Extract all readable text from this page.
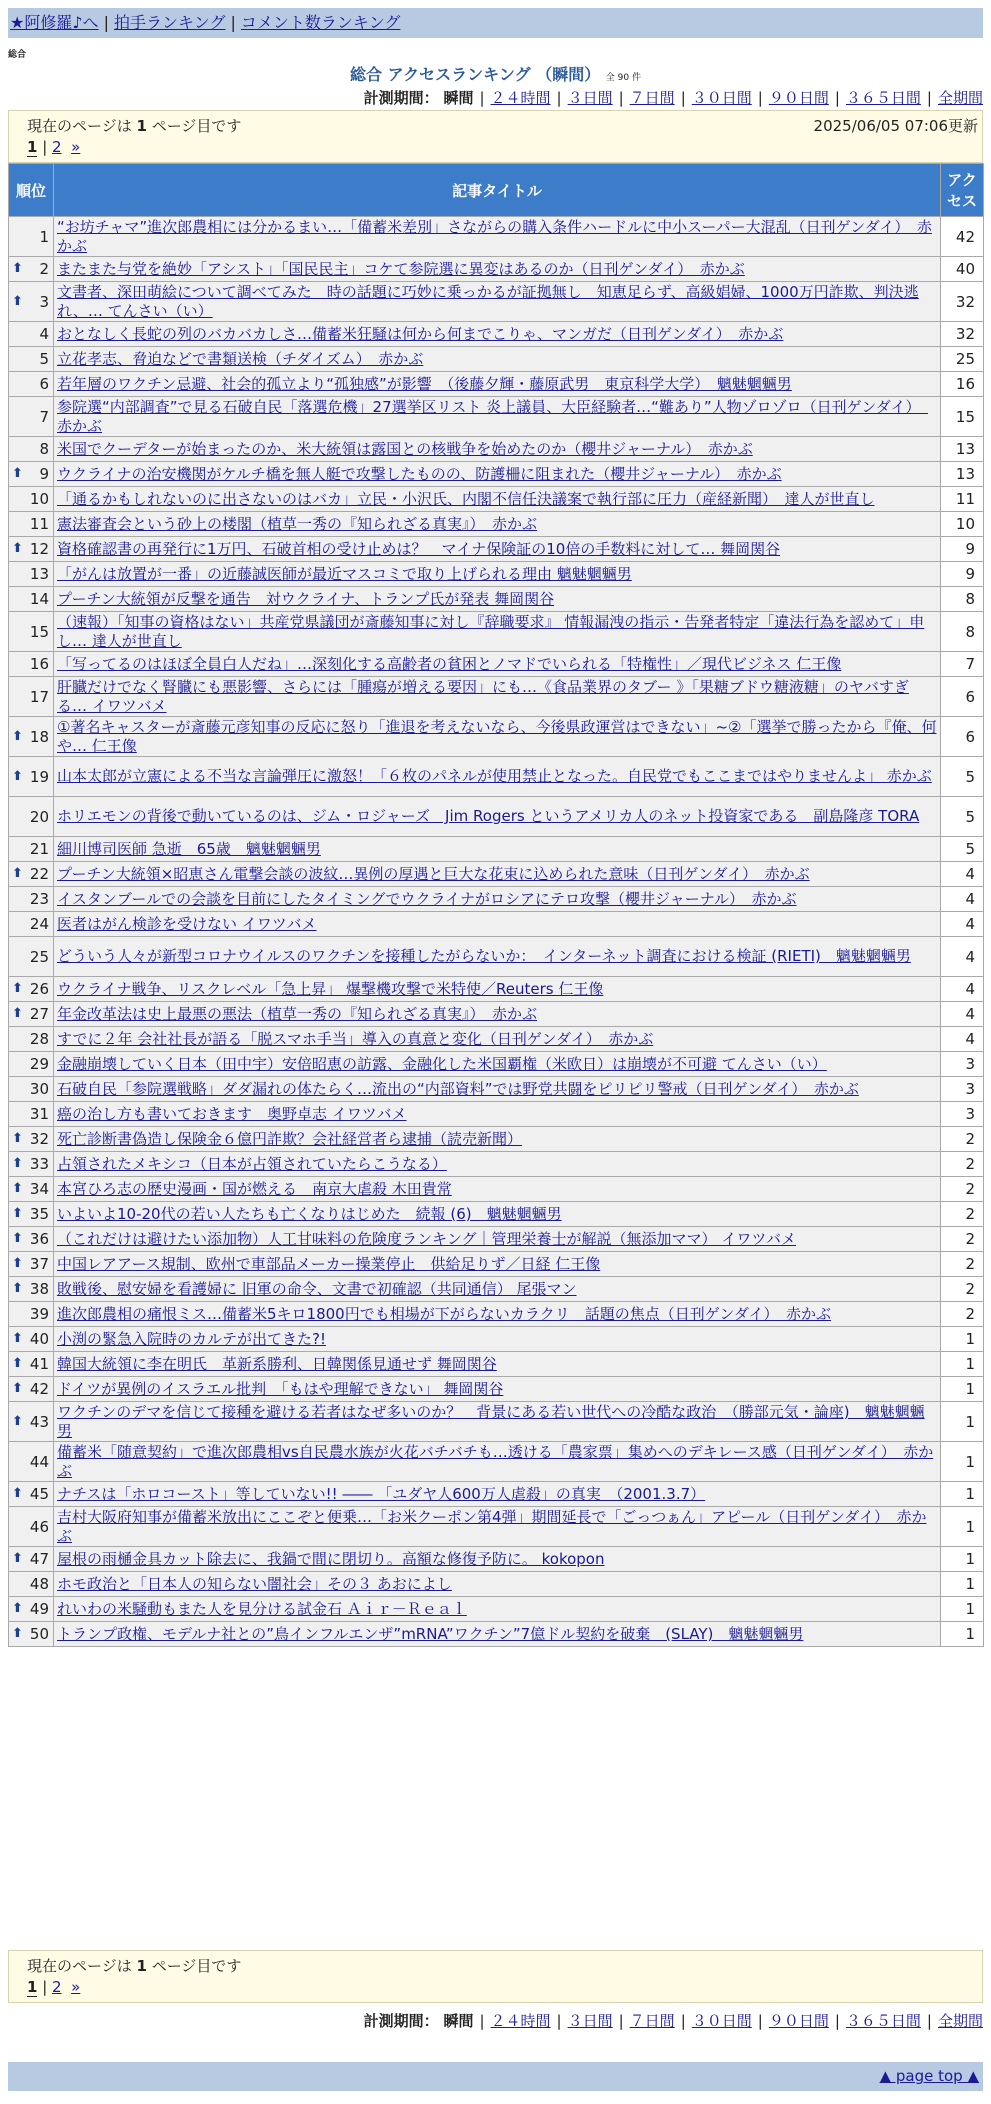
★阿修羅♪へ | 拍手ランキング | コメント数ランキング
総合
総合 アクセスランキング （瞬間） 全 90 件
計測期間： 瞬間 | ２４時間 | ３日間 | ７日間 | ３０日間 | ９０日間 | ３６５日間 | 全期間
現在のページは 1 ページ目です	2025/06/05 07:06更新
1 | 2 »
順位	記事タイトル	アクセス
1	“お坊チャマ”進次郎農相には分かるまい…「備蓄米差別」さながらの購入条件ハードルに中小スーパー大混乱（日刊ゲンダイ）　赤かぶ	42

⬆ 2	またまた与党を絶妙「アシスト」「国民民主」コケて参院選に異変はあるのか（日刊ゲンダイ）　赤かぶ	40

⬆ 3	文書者、深田萌絵について調べてみた　時の話題に巧妙に乗っかるが証拠無し　知恵足らず、高級娼婦、1000万円詐欺、判決逃れ、… てんさい（い）	32
4	おとなしく長蛇の列のバカバカしさ…備蓄米狂騒は何から何までこりゃ、マンガだ（日刊ゲンダイ）　赤かぶ	32
5	立花孝志、脅迫などで書類送検（チダイズム）　赤かぶ	25
6	若年層のワクチン忌避、社会的孤立より“孤独感”が影響　（後藤夕輝・藤原武男　東京科学大学）　魑魅魍魎男	16
7	参院選“内部調査”で見る石破自民「落選危機」27選挙区リスト 炎上議員、大臣経験者…“難あり”人物ゾロゾロ（日刊ゲンダイ）　赤かぶ	15
8	米国でクーデターが始まったのか、米大統領は露国との核戦争を始めたのか（櫻井ジャーナル）　赤かぶ	13

⬆ 9	ウクライナの治安機関がケルチ橋を無人艇で攻撃したものの、防護柵に阻まれた（櫻井ジャーナル）　赤かぶ	13
10	「通るかもしれないのに出さないのはバカ」立民・小沢氏、内閣不信任決議案で執行部に圧力（産経新聞）　達人が世直し	11
11	憲法審査会という砂上の楼閣（植草一秀の『知られざる真実』）　赤かぶ	10

⬆ 12	資格確認書の再発行に1万円、石破首相の受け止めは？　マイナ保険証の10倍の手数料に対して… 舞岡関谷	9
13	「がんは放置が一番」の近藤誠医師が最近マスコミで取り上げられる理由 魑魅魍魎男	9
14	プーチン大統領が反撃を通告　対ウクライナ、トランプ氏が発表 舞岡関谷	8
15	（速報）「知事の資格はない」共産党県議団が斎藤知事に対し『辞職要求』 情報漏洩の指示・告発者特定「違法行為を認めて」申し… 達人が世直し	8
16	「写ってるのはほぼ全員白人だね」…深刻化する高齢者の貧困とノマドでいられる「特権性」／現代ビジネス 仁王像	7
17	肝臓だけでなく腎臓にも悪影響、さらには「腫瘍が増える要因」にも…《食品業界のタブー 》「果糖ブドウ糖液糖」のヤバすぎる… イワツバメ	6

⬆ 18	①著名キャスターが斎藤元彦知事の反応に怒り「進退を考えないなら、今後県政運営はできない」~②「選挙で勝ったから『俺、何や… 仁王像	6

⬆ 19	山本太郎が立憲による不当な言論弾圧に激怒！「６枚のパネルが使用禁止となった。自民党でもここまではやりませんよ」 赤かぶ	5
20	ホリエモンの背後で動いているのは、ジム・ロジャーズ　Jim Rogers というアメリカ人のネット投資家である　副島隆彦 TORA	5
21	細川博司医師 急逝　65歳　魑魅魍魎男	5

⬆ 22	プーチン大統領×昭恵さん電撃会談の波紋…異例の厚遇と巨大な花束に込められた意味（日刊ゲンダイ）　赤かぶ	4
23	イスタンブールでの会談を目前にしたタイミングでウクライナがロシアにテロ攻撃（櫻井ジャーナル）　赤かぶ	4
24	医者はがん検診を受けない イワツバメ	4
25	どういう人々が新型コロナウイルスのワクチンを接種したがらないか：　インターネット調査における検証 (RIETI)　魑魅魍魎男	4

⬆ 26	ウクライナ戦争、リスクレベル「急上昇」 爆撃機攻撃で米特使／Reuters 仁王像	4

⬆ 27	年金改革法は史上最悪の悪法（植草一秀の『知られざる真実』）　赤かぶ	4
28	すでに２年 会社社長が語る「脱スマホ手当」導入の真意と変化（日刊ゲンダイ）　赤かぶ	4
29	金融崩壊していく日本（田中宇）安倍昭恵の訪露、金融化した米国覇権（米欧日）は崩壊が不可避 てんさい（い）	3
30	石破自民「参院選戦略」ダダ漏れの体たらく…流出の“内部資料”では野党共闘をピリピリ警戒（日刊ゲンダイ）　赤かぶ	3
31	癌の治し方も書いておきます　奥野卓志 イワツバメ	3

⬆ 32	死亡診断書偽造し保険金６億円詐欺？会社経営者ら逮捕（読売新聞）	2

⬆ 33	占領されたメキシコ（日本が占領されていたらこうなる）	2

⬆ 34	本宮ひろ志の歴史漫画・国が燃える　南京大虐殺 木田貴常	2

⬆ 35	いよいよ10-20代の若い人たちも亡くなりはじめた　続報 (6)　魑魅魍魎男	2

⬆ 36	（これだけは避けたい添加物）人工甘味料の危険度ランキング｜管理栄養士が解説（無添加ママ） イワツバメ	2

⬆ 37	中国レアアース規制、欧州で車部品メーカー操業停止　供給足りず／日経 仁王像	2

⬆ 38	敗戦後、慰安婦を看護婦に 旧軍の命令、文書で初確認（共同通信） 尾張マン	2
39	進次郎農相の痛恨ミス…備蓄米5キロ1800円でも相場が下がらないカラクリ　話題の焦点（日刊ゲンダイ）　赤かぶ	2

⬆ 40	小渕の緊急入院時のカルテが出てきた?!	1

⬆ 41	韓国大統領に李在明氏　革新系勝利、日韓関係見通せず 舞岡関谷	1

⬆ 42	ドイツが異例のイスラエル批判　「もはや理解できない」 舞岡関谷	1

⬆ 43	ワクチンのデマを信じて接種を避ける若者はなぜ多いのか？　背景にある若い世代への冷酷な政治　（勝部元気・論座)　魑魅魍魎男	1
44	備蓄米「随意契約」で進次郎農相vs自民農水族が火花バチバチも…透ける「農家票」集めへのデキレース感（日刊ゲンダイ）　赤かぶ	1

⬆ 45	ナチスは「ホロコースト」等していない!! ―― 「ユダヤ人600万人虐殺」の真実　（2001.3.7）	1
46	吉村大阪府知事が備蓄米放出にここぞと便乗…「お米クーポン第4弾」期間延長で「ごっつぁん」アピール（日刊ゲンダイ）　赤かぶ	1

⬆ 47	屋根の雨樋金具カット除去に、我鍋で間に閉切り。高額な修復予防に。 kokopon	1
48	ホモ政治と「日本人の知らない闇社会」その３ あおによし	1

⬆ 49	れいわの米騒動もまた人を見分ける試金石 Ａｉｒ－Ｒｅａｌ	1

⬆ 50	トランプ政権、モデルナ社との”鳥インフルエンザ”mRNA”ワクチン”7億ドル契約を破棄　(SLAY)　魑魅魍魎男	1
現在のページは 1 ページ目です
1 | 2 »
計測期間： 瞬間 | ２４時間 | ３日間 | ７日間 | ３０日間 | ９０日間 | ３６５日間 | 全期間
▲ page top ▲
